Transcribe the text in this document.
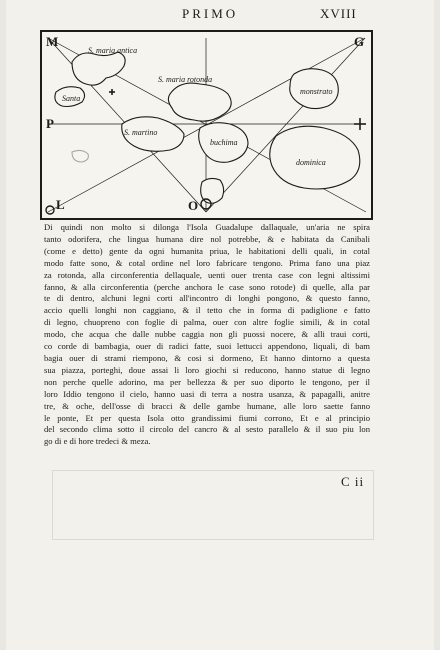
PRIMO	XVIII
M	G
P
L	O
S. maria antica
S. maria rotonda
Santa
monstrato
S. martino
buchima
dominica
Di quindi non molto si dilonga l'Isola Guadalupe dallaquale, un'aria ne spira
tanto odorifera, che lingua humana dire nol potrebbe, & e habitata da Canibali
(come e detto) gente da ogni humanita priua, le habitationi delli quali, in cotal
modo fatte sono, & cotal ordine nel loro fabricare tengono. Prima fano una piaz
za rotonda, alla circonferentia dellaquale, uenti ouer trenta case con legni altissimi
fanno, & alla circonferentia (perche anchora le case sono rotode) di quelle, alla par
te di dentro, alchuni legni corti all'incontro di longhi pongono, & questo fanno,
accio quelli longhi non caggiano, & il tetto che in forma di padiglione e fatto
di legno, chuopreno con foglie di palma, ouer con altre foglie simili, & in cotal
modo, che acqua che dalle nubbe caggia non gli puossi nocere, & alli traui corti,
co corde di bambagia, ouer di radici fatte, suoi lettucci appendono, liquali, di bam
bagia ouer di strami riempono, & cosi si dormeno, Et hanno dintorno a questa
sua piazza, porteghi, doue assai li loro giochi si reducono, hanno statue di legno
non perche quelle adorino, ma per bellezza & per suo diporto le tengono, per il
loro Iddio tengono il cielo, hanno uasi di terra a nostra usanza, & papagalli, anitre
tre, & oche, dell'osse di bracci & delle gambe humane, alle loro saette fanno
le ponte, Et per questa Isola otto grandissimi fiumi corrono, Et e al principio
del secondo clima sotto il circolo del cancro & al sesto parallelo & il suo piu lon
go di e di hore tredeci & meza.
C ii
